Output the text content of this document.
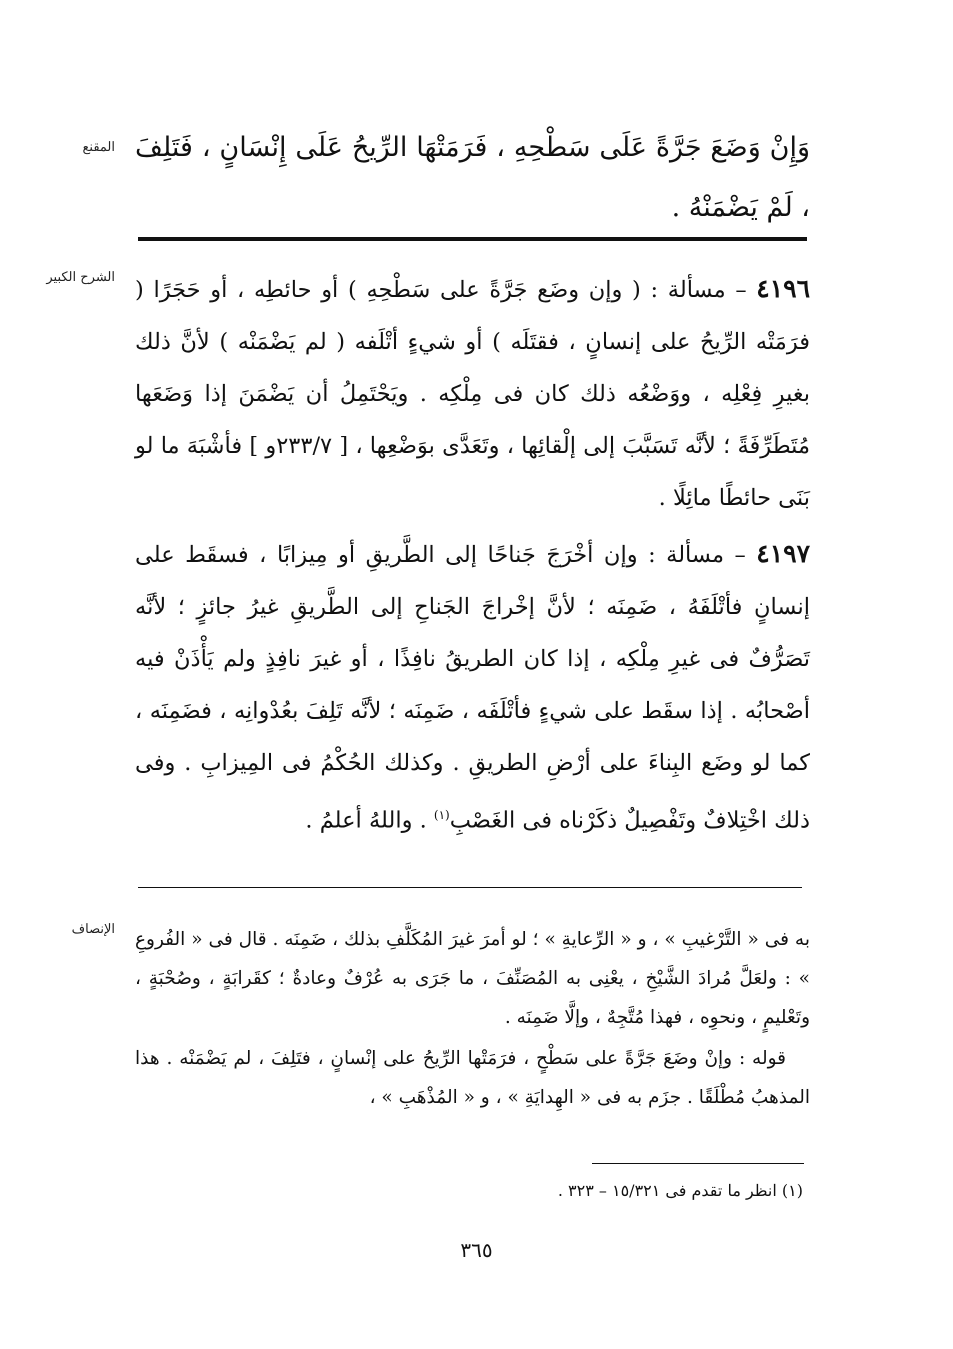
المقنع وَإِنْ وَضَعَ جَرَّةً عَلَى سَطْحِهِ ، فَرَمَتْهَا الرِّيحُ عَلَى إِنْسَانٍ ، فَتَلِفَ ، لَمْ يَضْمَنْهُ .

الشرح الكبير	٤١٩٦ – مسألة : ( وإن وضَع جَرَّةً على سَطْحِهِ ) أو حائطِه ، أو حَجَرًا ( فرَمَتْه الرِّيحُ على إنسانٍ ، فقتَلَه ) أو شيءٍ أتْلَفه ( لم يَضْمَنْه ) لأنَّ ذلك بغيرِ فِعْلِه ، ووَضْعُه ذلك كان فى مِلْكِه . ويَحْتَمِلُ أن يَضْمَنَ إذا وَضَعَها مُتَطَرِّفَةً ؛ لأنَّه تَسَبَّبَ إلى إلْقائِها ، وتَعَدَّى بوَضْعِها ، [ ٢٣٣/٧و ] فأشْبَهَ ما لو بَنَى حائطًا مائِلًا .

٤١٩٧ – مسألة : وإن أخْرَجَ جَناحًا إلى الطَّريقِ أو مِيزابًا ، فسقَط على إنسانٍ فأتْلَفَهُ ، ضَمِنَه ؛ لأنَّ إخْراجَ الجَناحِ إلى الطَّريقِ غيرُ جائزٍ ؛ لأنَّه تَصَرُّفٌ فى غيرِ مِلْكِه ، إذا كان الطريقُ نافِذًا ، أو غيرَ نافِذٍ ولم يَأْذَنْ فيه أصْحابُه . إذا سقَط على شيءٍ فأتْلَفَه ، ضَمِنَه ؛ لأنَّه تَلِفَ بعُدْوانِه ، فضَمِنَه ، كما لو وضَع البِناءَ على أرْضِ الطريقِ . وكذلك الحُكْمُ فى المِيزابِ . وفى ذلك اخْتِلافٌ وتَفْصِيلٌ ذكَرْناه فى الغَصْبِ$^{(١)}$ . واللهُ أعلمُ .

الإنصاف به فى « التَّرْغيبِ » ، و « الرِّعايةِ » ؛ لو أمرَ غيرَ المُكَلَّفِ بذلك ، ضَمِنَه . قال فى « الفُروعِ » : ولعَلَّ مُرادَ الشَّيْخِ ، يعْنِى به المُصَنِّفَ ، ما جَرَى به عُرْفٌ وعادةٌ ؛ كقَرابَةٍ ، وصُحْبَةٍ ، وتَعْليمٍ ، ونحوِه ، فهذا مُتَّجِهٌ ، وإلَّا ضَمِنَه .

قوله : وإنْ وضَعَ جَرَّةً على سَطْحٍ ، فرَمَتْها الرِّيحُ على إنْسانٍ ، فتَلِفَ ، لم يَضْمَنْه . هذا المذهبُ مُطْلَقًا . جزَم به فى « الهِدايَةِ » ، و « المُذْهَبِ » ،

(١) انظر ما تقدم فى ١٥/٣٢١ – ٣٢٣ .
٣٦٥
